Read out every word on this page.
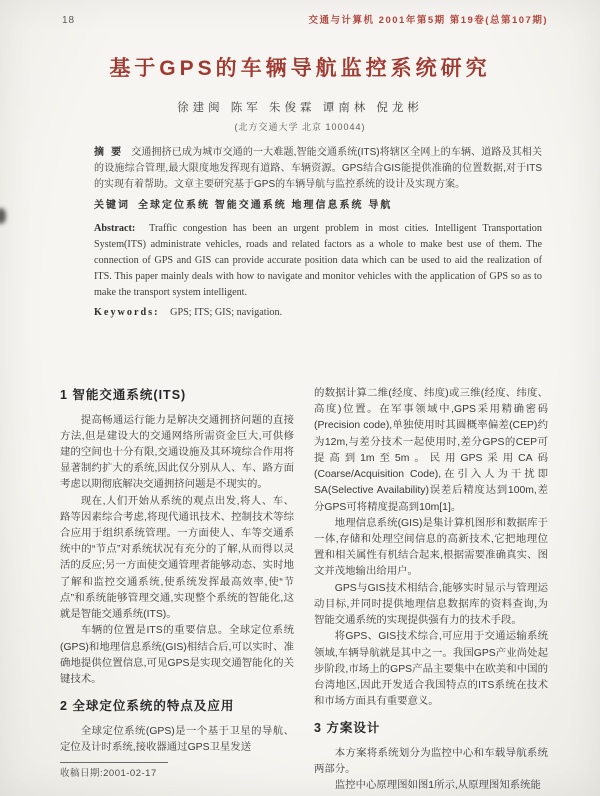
18	交通与计算机 2001年第5期 第19卷(总第107期)
基于GPS的车辆导航监控系统研究
徐建闽 陈军 朱俊霖 谭南林 倪龙彬
(北方交通大学 北京 100044)

摘 要 交通拥挤已成为城市交通的一大难题,智能交通系统(ITS)将辖区全网上的车辆、道路及其相关的设施综合管理,最大限度地发挥现有道路、车辆资源。GPS结合GIS能提供准确的位置数据,对于ITS的实现有着帮助。文章主要研究基于GPS的车辆导航与监控系统的设计及实现方案。

关键词 全球定位系统 智能交通系统 地理信息系统 导航

Abstract: Traffic congestion has been an urgent problem in most cities. Intelligent Transportation System(ITS) administrate vehicles, roads and related factors as a whole to make best use of them. The connection of GPS and GIS can provide accurate position data which can be used to aid the realization of ITS. This paper mainly deals with how to navigate and monitor vehicles with the application of GPS so as to make the transport system intelligent.

Keywords: GPS; ITS; GIS; navigation.

1 智能交通系统(ITS)

提高畅通运行能力是解决交通拥挤问题的直接方法,但是建设大的交通网络所需资金巨大,可供修建的空间也十分有限,交通设施及其环境综合作用将显著制约扩大的系统,因此仅分别从人、车、路方面考虑以期彻底解决交通拥挤问题是不现实的。

现在,人们开始从系统的观点出发,将人、车、路等因素综合考虑,将现代通讯技术、控制技术等综合应用于组织系统管理。一方面使人、车等交通系统中的“节点”对系统状况有充分的了解,从而得以灵活的反应;另一方面使交通管理者能够动态、实时地了解和监控交通系统,使系统发挥最高效率,使“节点”和系统能够管理交通,实现整个系统的智能化,这就是智能交通系统(ITS)。

车辆的位置是ITS的重要信息。全球定位系统(GPS)和地理信息系统(GIS)相结合后,可以实时、准确地提供位置信息,可见GPS是实现交通智能化的关键技术。

2 全球定位系统的特点及应用

全球定位系统(GPS)是一个基于卫星的导航、定位及计时系统,接收器通过GPS卫星发送

收稿日期:2001-02-17

的数据计算二维(经度、纬度)或三维(经度、纬度、高度)位置。在军事领域中,GPS采用精确密码(Precision code),单独使用时其圆概率偏差(CEP)约为12m,与差分技术一起使用时,差分GPS的CEP可提高到1m至5m。民用GPS采用CA码(Coarse/Acquisition Code),在引入人为干扰即SA(Selective Availability)误差后精度达到100m,差分GPS可将精度提高到10m[1]。

地理信息系统(GIS)是集计算机图形和数据库于一体,存储和处理空间信息的高新技术,它把地理位置和相关属性有机结合起来,根据需要准确真实、图文并茂地输出给用户。

GPS与GIS技术相结合,能够实时显示与管理运动目标,并同时提供地理信息数据库的资料查询,为智能交通系统的实现提供强有力的技术手段。

将GPS、GIS技术综合,可应用于交通运输系统领域,车辆导航就是其中之一。我国GPS产业尚处起步阶段,市场上的GPS产品主要集中在欧美和中国的台湾地区,因此开发适合我国特点的ITS系统在技术和市场方面具有重要意义。

3 方案设计

本方案将系统划分为监控中心和车载导航系统两部分。

监控中心原理图如图1所示,从原理图知系统能
